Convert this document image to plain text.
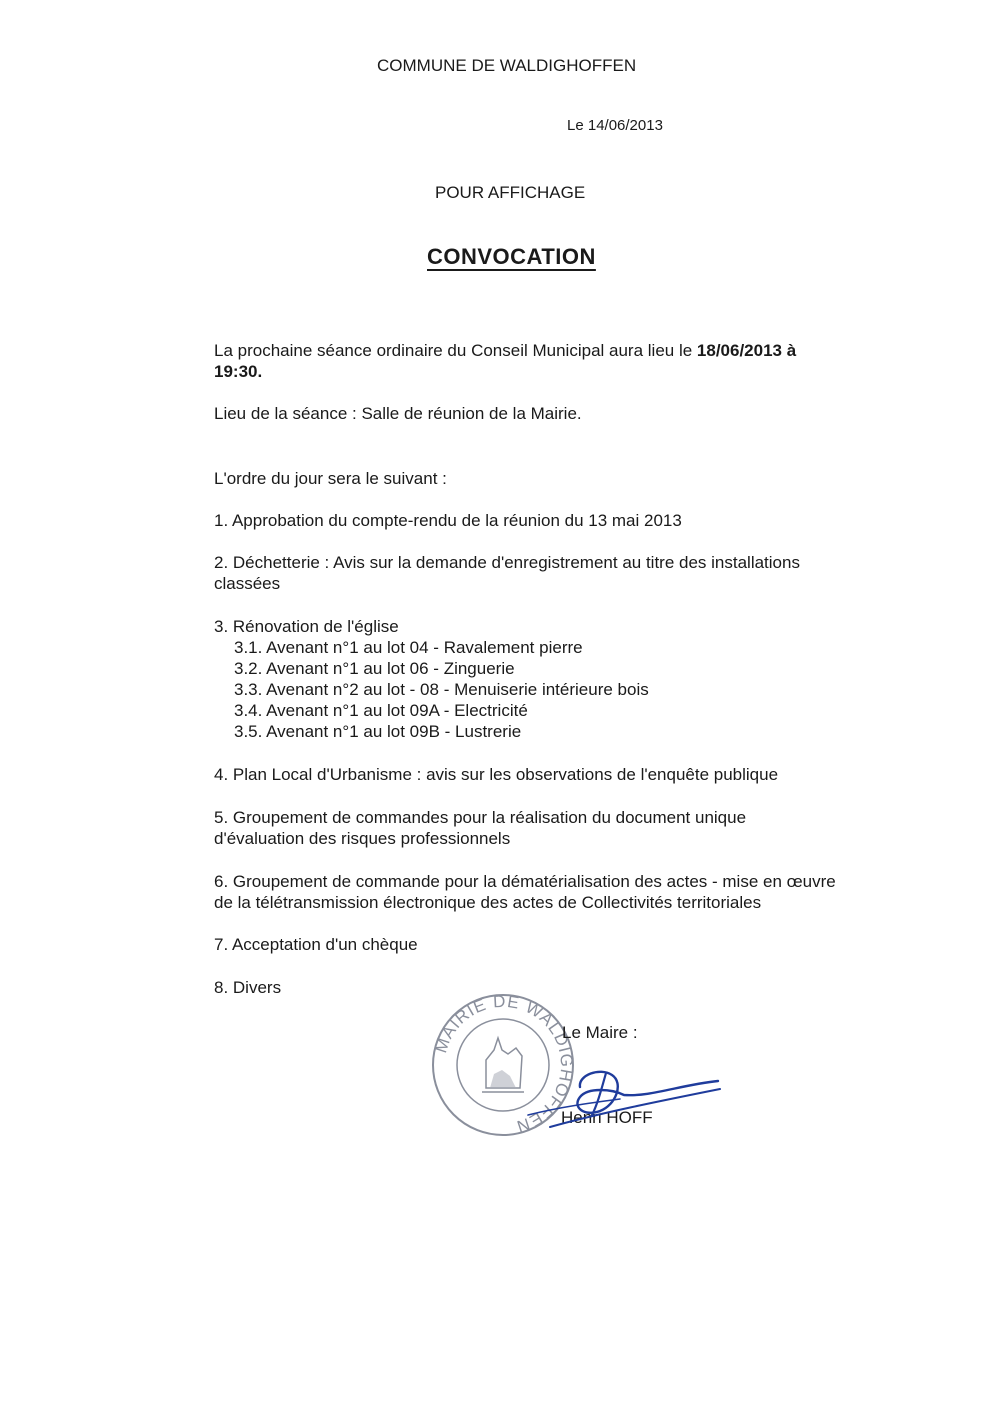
COMMUNE DE WALDIGHOFFEN

Le 14/06/2013

POUR AFFICHAGE

CONVOCATION

La prochaine séance ordinaire du Conseil Municipal aura lieu le 18/06/2013 à
19:30.

Lieu de la séance : Salle de réunion de la Mairie.

L'ordre du jour sera le suivant :

1. Approbation du compte-rendu de la réunion du 13 mai 2013

2. Déchetterie : Avis sur la demande d'enregistrement au titre des installations

classées

3. Rénovation de l'église

3.1. Avenant n°1 au lot 04 - Ravalement pierre

3.2. Avenant n°1 au lot 06 - Zinguerie

3.3. Avenant n°2 au lot - 08 - Menuiserie intérieure bois

3.4. Avenant n°1 au lot 09A - Electricité

3.5. Avenant n°1 au lot 09B - Lustrerie

4. Plan Local d'Urbanisme : avis sur les observations de l'enquête publique

5. Groupement de commandes pour la réalisation du document unique

d'évaluation des risques professionnels

6. Groupement de commande pour la dématérialisation des actes - mise en œuvre

de la télétransmission électronique des actes de Collectivités territoriales

7. Acceptation d'un chèque

8. Divers

MAIRIE DE WALDIGHOFFEN

Le Maire :

Henri HOFF
